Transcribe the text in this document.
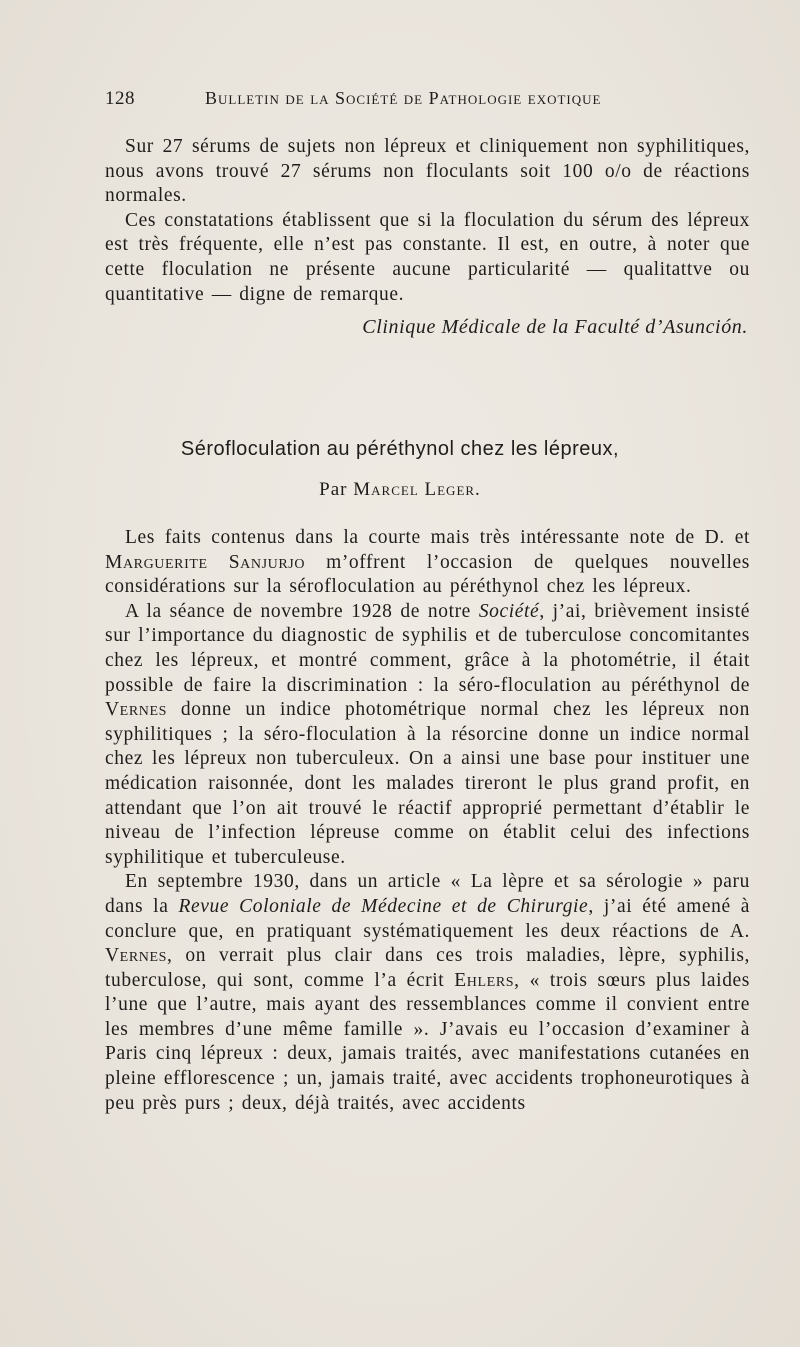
128	Bulletin de la Société de Pathologie exotique

Sur 27 sérums de sujets non lépreux et cliniquement non syphilitiques, nous avons trouvé 27 sérums non floculants soit 100 o/o de réactions normales.

Ces constatations établissent que si la floculation du sérum des lépreux est très fréquente, elle n’est pas constante. Il est, en outre, à noter que cette floculation ne présente aucune particularité — qualitattve ou quantitative — digne de remarque.

Clinique Médicale de la Faculté d’Asunción.
Sérofloculation au péréthynol chez les lépreux,
Par Marcel Leger.

Les faits contenus dans la courte mais très intéressante note de D. et Marguerite Sanjurjo m’offrent l’occasion de quelques nouvelles considérations sur la sérofloculation au péréthynol chez les lépreux.

A la séance de novembre 1928 de notre Société, j’ai, brièvement insisté sur l’importance du diagnostic de syphilis et de tuberculose concomitantes chez les lépreux, et montré comment, grâce à la photométrie, il était possible de faire la discrimination : la séro-floculation au péréthynol de Vernes donne un indice photométrique normal chez les lépreux non syphilitiques ; la séro-floculation à la résorcine donne un indice normal chez les lépreux non tuberculeux. On a ainsi une base pour instituer une médication raisonnée, dont les malades tireront le plus grand profit, en attendant que l’on ait trouvé le réactif approprié permettant d’établir le niveau de l’infection lépreuse comme on établit celui des infections syphilitique et tuberculeuse.

En septembre 1930, dans un article « La lèpre et sa sérologie » paru dans la Revue Coloniale de Médecine et de Chirurgie, j’ai été amené à conclure que, en pratiquant systématiquement les deux réactions de A. Vernes, on verrait plus clair dans ces trois maladies, lèpre, syphilis, tuberculose, qui sont, comme l’a écrit Ehlers, « trois sœurs plus laides l’une que l’autre, mais ayant des ressemblances comme il convient entre les membres d’une même famille ». J’avais eu l’occasion d’examiner à Paris cinq lépreux : deux, jamais traités, avec manifestations cutanées en pleine efflorescence ; un, jamais traité, avec accidents trophoneurotiques à peu près purs ; deux, déjà traités, avec accidents
